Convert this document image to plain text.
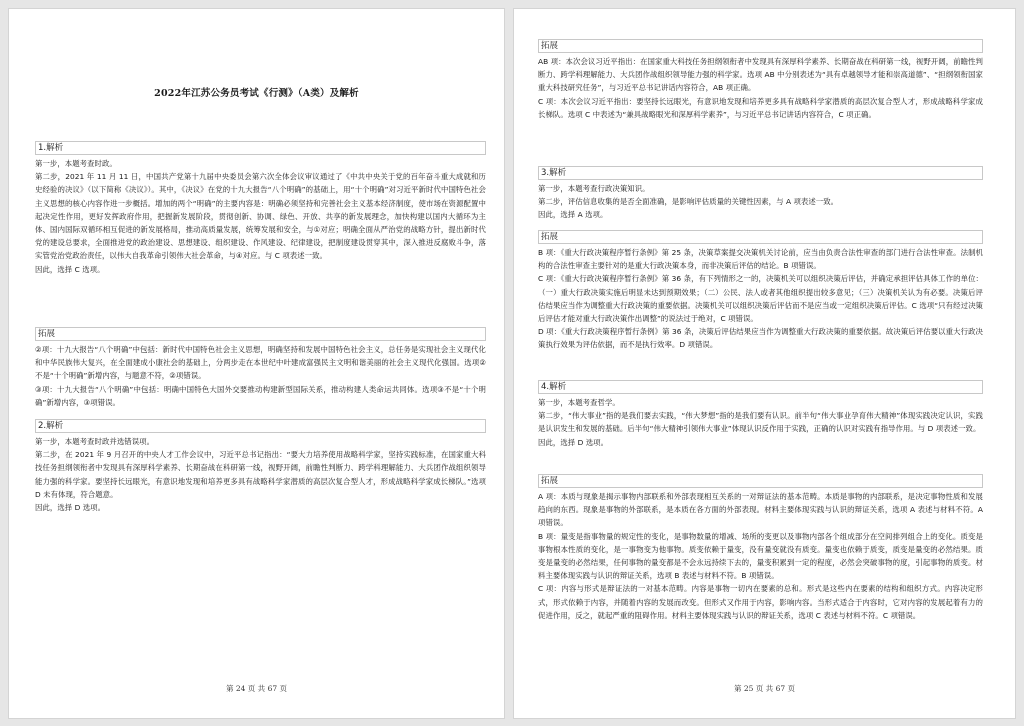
2022年江苏公务员考试《行测》（A类）及解析
1.解析
第一步，本题考查时政。
第二步，2021 年 11 月 11 日，中国共产党第十九届中央委员会第六次全体会议审议通过了《中共中央关于党的百年奋斗重大成就和历史经验的决议》（以下简称《决议》）。其中，《决议》在党的十九大报告“八个明确”的基础上，用“十个明确”对习近平新时代中国特色社会主义思想的核心内容作进一步概括。增加的两个“明确”的主要内容是：明确必须坚持和完善社会主义基本经济制度，使市场在资源配置中起决定性作用，更好发挥政府作用，把握新发展阶段，贯彻创新、协调、绿色、开放、共享的新发展理念，加快构建以国内大循环为主体、国内国际双循环相互促进的新发展格局，推动高质量发展，统筹发展和安全，与①对应；明确全面从严治党的战略方针，提出新时代党的建设总要求，全面推进党的政治建设、思想建设、组织建设、作风建设、纪律建设，把制度建设贯穿其中，深入推进反腐败斗争，落实管党治党政治责任，以伟大自我革命引领伟大社会革命，与④对应。与 C 项表述一致。
因此，选择 C 选项。
拓展
②项：十九大报告“八个明确”中包括：新时代中国特色社会主义思想，明确坚持和发展中国特色社会主义，总任务是实现社会主义现代化和中华民族伟大复兴，在全面建成小康社会的基础上，分两步走在本世纪中叶建成富强民主文明和谐美丽的社会主义现代化强国。选项②不是“十个明确”新增内容，与题意不符，②项错误。
③项：十九大报告“八个明确”中包括：明确中国特色大国外交要推动构建新型国际关系，推动构建人类命运共同体。选项③不是“十个明确”新增内容，③项错误。
2.解析
第一步，本题考查时政并选错误项。
第二步，在 2021 年 9 月召开的中央人才工作会议中，习近平总书记指出：“要大力培养使用战略科学家，坚持实践标准，在国家重大科技任务担纲领衔者中发现具有深厚科学素养、长期奋战在科研第一线，视野开阔，前瞻性判断力、跨学科理解能力、大兵团作战组织领导能力强的科学家。要坚持长远眼光，有意识地发现和培养更多具有战略科学家潜质的高层次复合型人才，形成战略科学家成长梯队。”选项 D 未有体现，符合题意。
因此，选择 D 选项。
第 24 页 共 67 页
拓展
AB 项：本次会议习近平指出：在国家重大科技任务担纲领衔者中发现具有深厚科学素养、长期奋战在科研第一线，视野开阔，前瞻性判断力、跨学科理解能力、大兵团作战组织领导能力强的科学家。选项 AB 中分别表述为“具有卓越领导才能和崇高道德”、“担纲领衔国家重大科技研究任务”，与习近平总书记讲话内容符合，AB 项正确。
C 项：本次会议习近平指出：要坚持长远眼光，有意识地发现和培养更多具有战略科学家潜质的高层次复合型人才，形成战略科学家成长梯队。选项 C 中表述为“兼具战略眼光和深厚科学素养”，与习近平总书记讲话内容符合，C 项正确。
3.解析
第一步，本题考查行政决策知识。
第二步，评估信息收集的是否全面准确，是影响评估质量的关键性因素，与 A 项表述一致。
因此，选择 A 选项。
拓展
B 项：《重大行政决策程序暂行条例》第 25 条，决策草案提交决策机关讨论前，应当由负责合法性审查的部门进行合法性审查。法制机构的合法性审查主要针对的是重大行政决策本身，而非决策后评估的结论。B 项错误。
C 项：《重大行政决策程序暂行条例》第 36 条，有下列情形之一的，决策机关可以组织决策后评估，并确定承担评估具体工作的单位：（一）重大行政决策实施后明显未达到预期效果；（二）公民、法人或者其他组织提出较多意见；（三）决策机关认为有必要。决策后评估结果应当作为调整重大行政决策的重要依据。决策机关可以组织决策后评估而不是应当或一定组织决策后评估。C 选项“只有经过决策后评估才能对重大行政决策作出调整”的说法过于绝对，C 项错误。
D 项：《重大行政决策程序暂行条例》第 36 条，决策后评估结果应当作为调整重大行政决策的重要依据。故决策后评估要以重大行政决策执行效果为评估依据，而不是执行效率。D 项错误。
4.解析
第一步，本题考查哲学。
第二步，“伟大事业”指的是我们要去实践，“伟大梦想”指的是我们要有认识。前半句“伟大事业孕育伟大精神”体现实践决定认识，实践是认识发生和发展的基础。后半句“伟大精神引领伟大事业”体现认识反作用于实践，正确的认识对实践有指导作用。与 D 项表述一致。
因此，选择 D 选项。
拓展
A 项：本质与现象是揭示事物内部联系和外部表现相互关系的一对辩证法的基本范畴。本质是事物的内部联系，是决定事物性质和发展趋向的东西。现象是事物的外部联系，是本质在各方面的外部表现。材料主要体现实践与认识的辩证关系，选项 A 表述与材料不符。A 项错误。
B 项：量变是指事物量的规定性的变化，是事物数量的增减、场所的变更以及事物内部各个组成部分在空间排列组合上的变化。质变是事物根本性质的变化，是一事物变为他事物。质变依赖于量变，没有量变就没有质变。量变也依赖于质变，质变是量变的必然结果。质变是量变的必然结果，任何事物的量变都是不会永远持续下去的，量变积累到一定的程度，必然会突破事物的度，引起事物的质变。材料主要体现实践与认识的辩证关系，选项 B 表述与材料不符。B 项错误。
C 项：内容与形式是辩证法的一对基本范畴。内容是事物一切内在要素的总和。形式是这些内在要素的结构和组织方式。内容决定形式，形式依赖于内容，并随着内容的发展而改变。但形式又作用于内容，影响内容。当形式适合于内容时，它对内容的发展起着有力的促进作用，反之，就起严重的阻碍作用。材料主要体现实践与认识的辩证关系，选项 C 表述与材料不符。C 项错误。
第 25 页 共 67 页
